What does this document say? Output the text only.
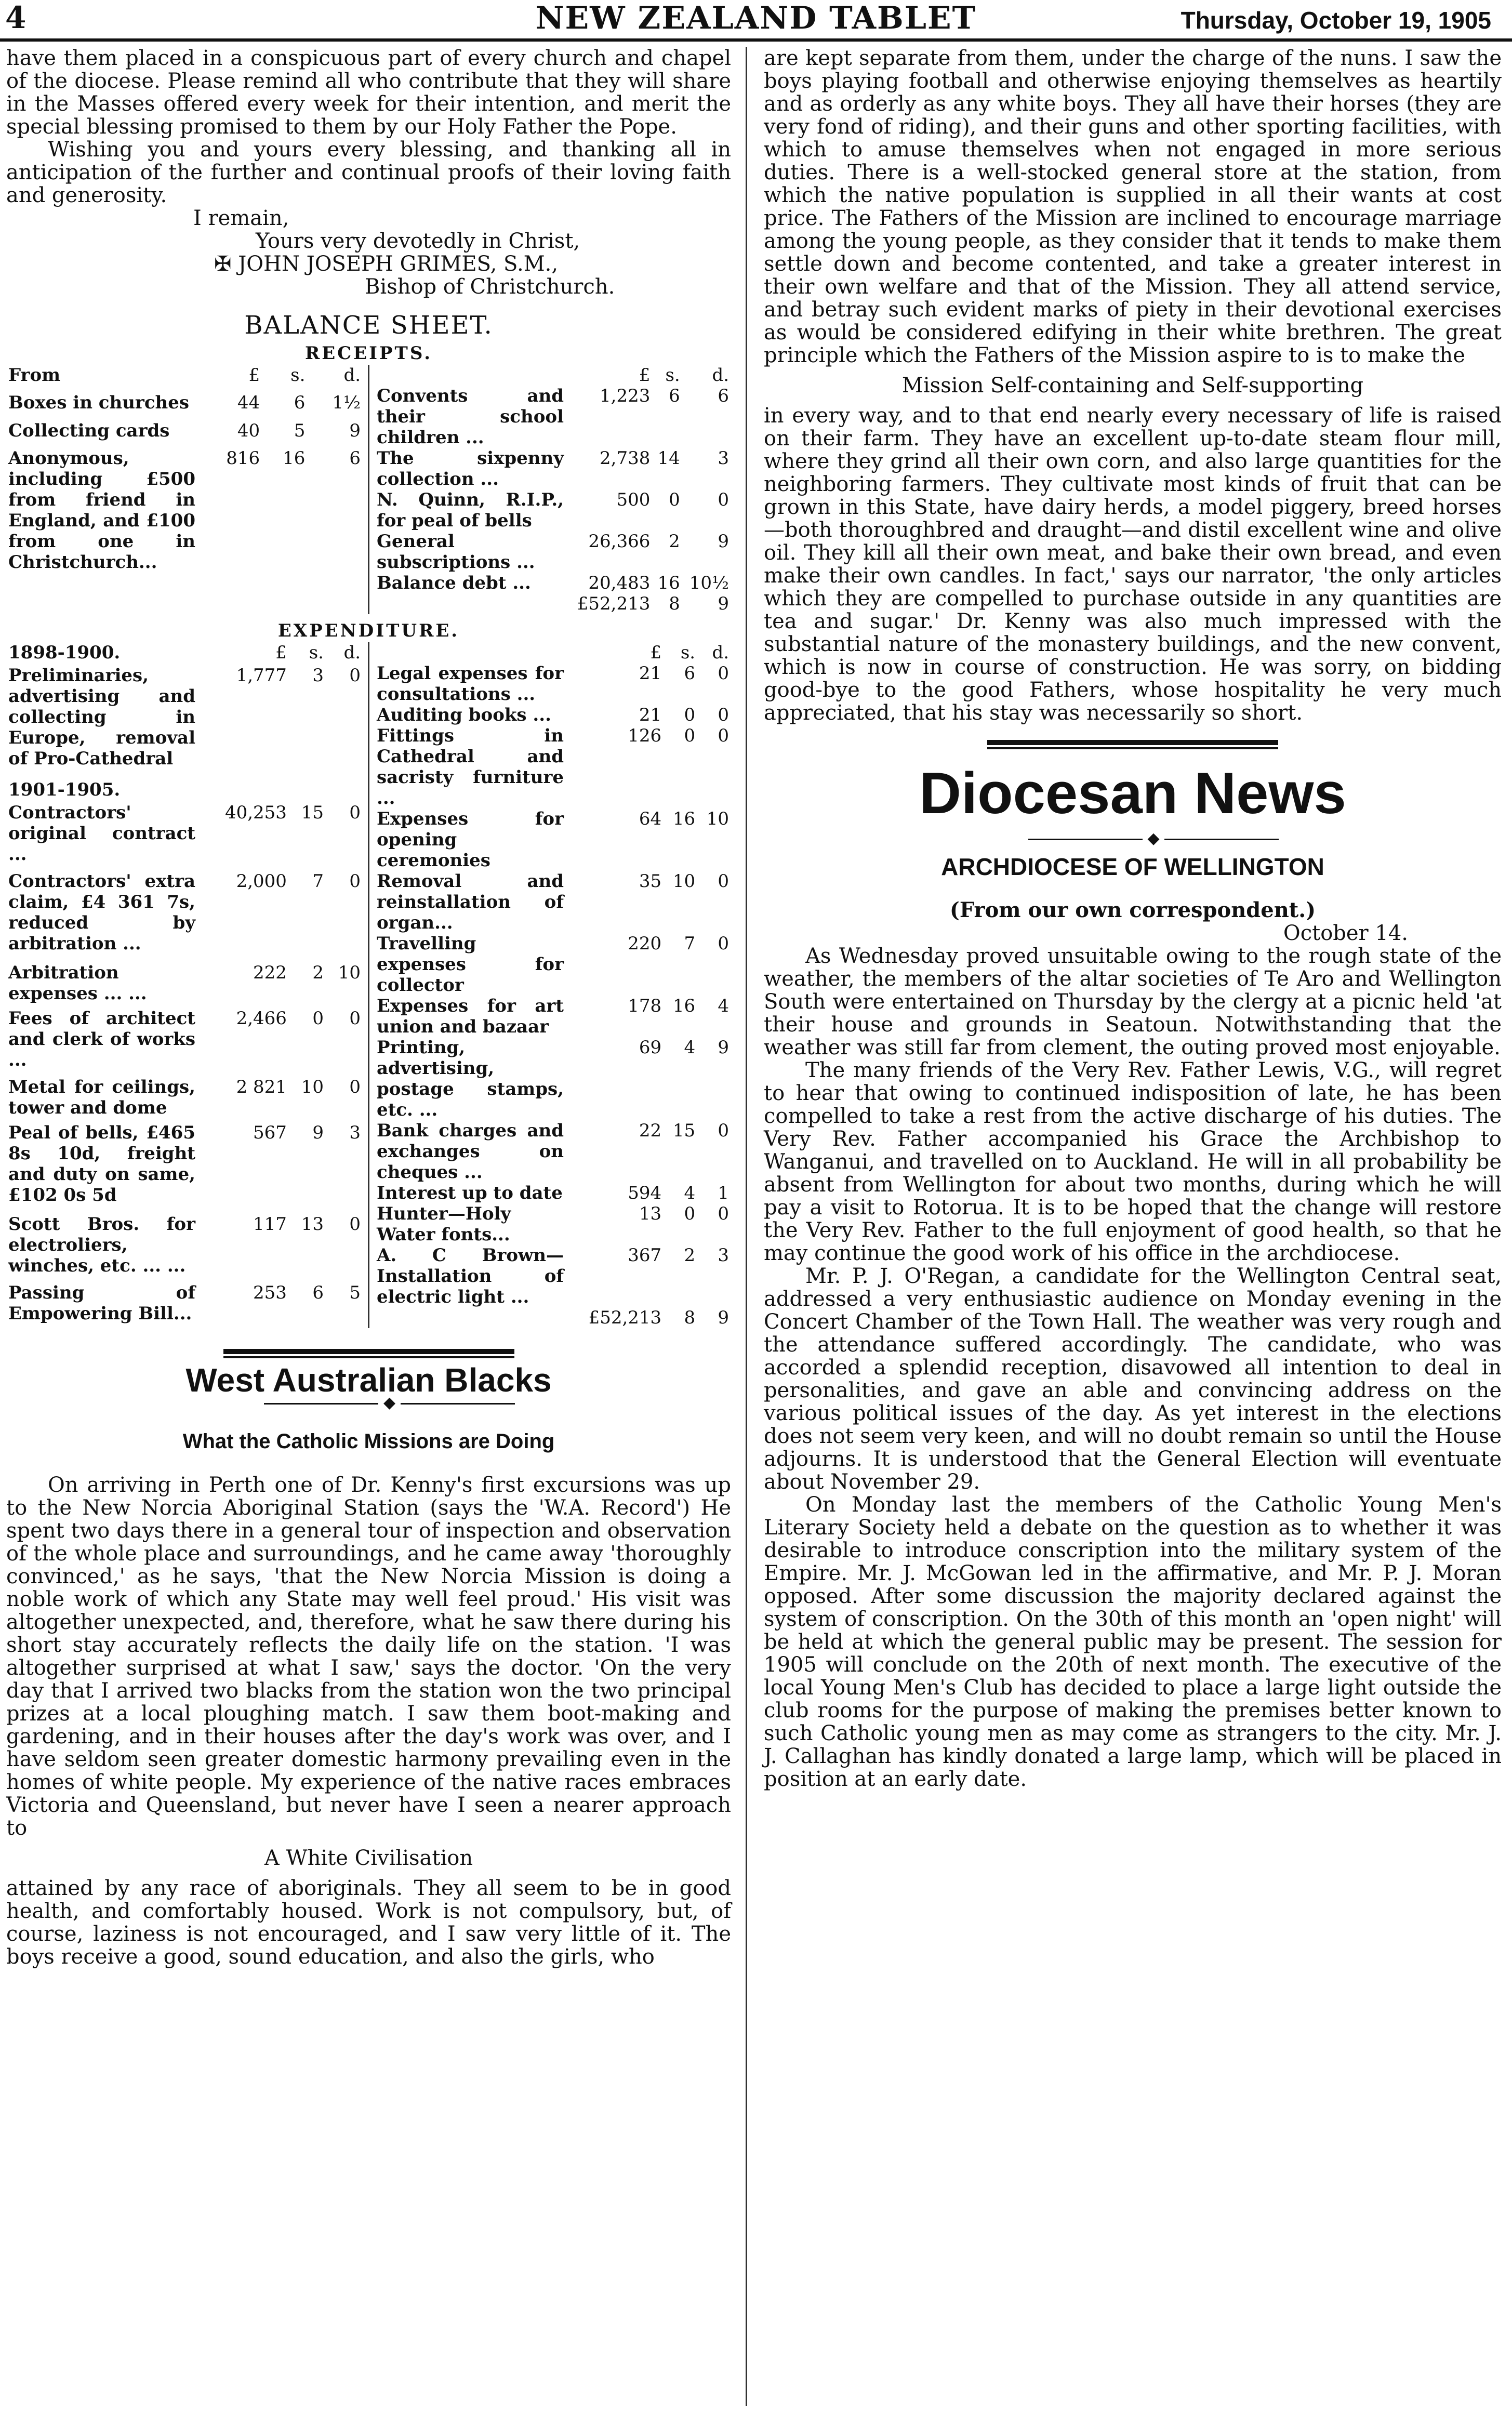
4	NEW ZEALAND TABLET	Thursday, October 19, 1905

have them placed in a conspicuous part of every church and chapel of the diocese. Please remind all who contribute that they will share in the Masses offered every week for their intention, and merit the special blessing promised to them by our Holy Father the Pope.

Wishing you and yours every blessing, and thanking all in anticipation of the further and continual proofs of their loving faith and generosity.

I remain,

Yours very devotedly in Christ,

✠ JOHN JOSEPH GRIMES, S.M.,

Bishop of Christchurch.

BALANCE SHEET.
RECEIPTS.
From	£	s.	d.
Boxes in churches	44	6	1½
Collecting cards	40	5	9
Anonymous, including £500 from friend in England, and £100 from one in Christchurch...	816	16	6
	£	s.	d.
Convents and their school children ...	1,223	6	6
The sixpenny collection ...	2,738	14	3
N. Quinn, R.I.P., for peal of bells	500	0	0
General subscriptions ...	26,366	2	9
Balance debt ...	20,483	16	10½
	£52,213	8	9
EXPENDITURE.
1898-1900.	£	s.	d.
Preliminaries, advertising and collecting in Europe, removal of Pro-Cathedral	1,777	3	0
1901-1905.			
Contractors' original contract ...	40,253	15	0
Contractors' extra claim, £4 361 7s, reduced by arbitration ...	2,000	7	0
Arbitration expenses ... ...	222	2	10
Fees of architect and clerk of works ...	2,466	0	0
Metal for ceilings, tower and dome	2 821	10	0
Peal of bells, £465 8s 10d, freight and duty on same, £102 0s 5d	567	9	3
Scott Bros. for electroliers, winches, etc. ... ...	117	13	0
Passing of Empowering Bill...	253	6	5
	£	s.	d.
Legal expenses for consultations ...	21	6	0
Auditing books ...	21	0	0
Fittings in Cathedral and sacristy furniture ...	126	0	0
Expenses for opening ceremonies	64	16	10
Removal and reinstallation of organ...	35	10	0
Travelling expenses for collector	220	7	0
Expenses for art union and bazaar	178	16	4
Printing, advertising, postage stamps, etc. ...	69	4	9
Bank charges and exchanges on cheques ...	22	15	0
Interest up to date	594	4	1
Hunter—Holy Water fonts...	13	0	0
A. C Brown—Installation of electric light ...	367	2	3
	£52,213	8	9
West Australian Blacks

◆

What the Catholic Missions are Doing

On arriving in Perth one of Dr. Kenny's first excursions was up to the New Norcia Aboriginal Station (says the 'W.A. Record') He spent two days there in a general tour of inspection and observation of the whole place and surroundings, and he came away 'thoroughly convinced,' as he says, 'that the New Norcia Mission is doing a noble work of which any State may well feel proud.' His visit was altogether unexpected, and, therefore, what he saw there during his short stay accurately reflects the daily life on the station. 'I was altogether surprised at what I saw,' says the doctor. 'On the very day that I arrived two blacks from the station won the two principal prizes at a local ploughing match. I saw them boot-making and gardening, and in their houses after the day's work was over, and I have seldom seen greater domestic harmony prevailing even in the homes of white people. My experience of the native races embraces Victoria and Queensland, but never have I seen a nearer approach to

A White Civilisation

attained by any race of aboriginals. They all seem to be in good health, and comfortably housed. Work is not compulsory, but, of course, laziness is not encouraged, and I saw very little of it. The boys receive a good, sound education, and also the girls, who

are kept separate from them, under the charge of the nuns. I saw the boys playing football and otherwise enjoying themselves as heartily and as orderly as any white boys. They all have their horses (they are very fond of riding), and their guns and other sporting facilities, with which to amuse themselves when not engaged in more serious duties. There is a well-stocked general store at the station, from which the native population is supplied in all their wants at cost price. The Fathers of the Mission are inclined to encourage marriage among the young people, as they consider that it tends to make them settle down and become contented, and take a greater interest in their own welfare and that of the Mission. They all attend service, and betray such evident marks of piety in their devotional exercises as would be considered edifying in their white brethren. The great principle which the Fathers of the Mission aspire to is to make the

Mission Self-containing and Self-supporting

in every way, and to that end nearly every necessary of life is raised on their farm. They have an excellent up-to-date steam flour mill, where they grind all their own corn, and also large quantities for the neighboring farmers. They cultivate most kinds of fruit that can be grown in this State, have dairy herds, a model piggery, breed horses—both thoroughbred and draught—and distil excellent wine and olive oil. They kill all their own meat, and bake their own bread, and even make their own candles. In fact,' says our narrator, 'the only articles which they are compelled to purchase outside in any quantities are tea and sugar.' Dr. Kenny was also much impressed with the substantial nature of the monastery buildings, and the new convent, which is now in course of construction. He was sorry, on bidding good-bye to the good Fathers, whose hospitality he very much appreciated, that his stay was necessarily so short.

Diocesan News

◆

ARCHDIOCESE OF WELLINGTON
(From our own correspondent.)
October 14.

As Wednesday proved unsuitable owing to the rough state of the weather, the members of the altar societies of Te Aro and Wellington South were entertained on Thursday by the clergy at a picnic held 'at their house and grounds in Seatoun. Notwithstanding that the weather was still far from clement, the outing proved most enjoyable.

The many friends of the Very Rev. Father Lewis, V.G., will regret to hear that owing to continued indisposition of late, he has been compelled to take a rest from the active discharge of his duties. The Very Rev. Father accompanied his Grace the Archbishop to Wanganui, and travelled on to Auckland. He will in all probability be absent from Wellington for about two months, during which he will pay a visit to Rotorua. It is to be hoped that the change will restore the Very Rev. Father to the full enjoyment of good health, so that he may continue the good work of his office in the archdiocese.

Mr. P. J. O'Regan, a candidate for the Wellington Central seat, addressed a very enthusiastic audience on Monday evening in the Concert Chamber of the Town Hall. The weather was very rough and the attendance suffered accordingly. The candidate, who was accorded a splendid reception, disavowed all intention to deal in personalities, and gave an able and convincing address on the various political issues of the day. As yet interest in the elections does not seem very keen, and will no doubt remain so until the House adjourns. It is understood that the General Election will eventuate about November 29.

On Monday last the members of the Catholic Young Men's Literary Society held a debate on the question as to whether it was desirable to introduce conscription into the military system of the Empire. Mr. J. McGowan led in the affirmative, and Mr. P. J. Moran opposed. After some discussion the majority declared against the system of conscription. On the 30th of this month an 'open night' will be held at which the general public may be present. The session for 1905 will conclude on the 20th of next month. The executive of the local Young Men's Club has decided to place a large light outside the club rooms for the purpose of making the premises better known to such Catholic young men as may come as strangers to the city. Mr. J. J. Callaghan has kindly donated a large lamp, which will be placed in position at an early date.
